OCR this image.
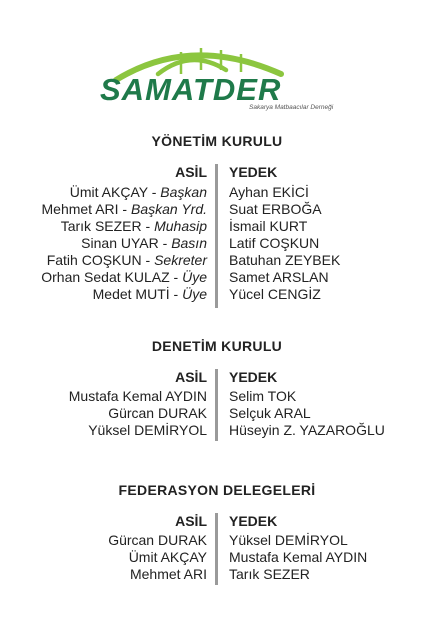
SAMATDER
Sakarya Matbaacılar Derneği
YÖNETİM KURULU
ASİL YEDEK
Ümit AKÇAY - Başkan Ayhan EKİCİ
Mehmet ARI - Başkan Yrd. Suat ERBOĞA
Tarık SEZER - Muhasip İsmail KURT
Sinan UYAR - Basın Latif COŞKUN
Fatih COŞKUN - Sekreter Batuhan ZEYBEK
Orhan Sedat KULAZ - Üye Samet ARSLAN
Medet MUTİ - Üye Yücel CENGİZ
DENETİM KURULU
ASİL YEDEK
Mustafa Kemal AYDIN Selim TOK
Gürcan DURAK Selçuk ARAL
Yüksel DEMİRYOL Hüseyin Z. YAZAROĞLU
FEDERASYON DELEGELERİ
ASİL YEDEK
Gürcan DURAK Yüksel DEMİRYOL
Ümit AKÇAY Mustafa Kemal AYDIN
Mehmet ARI Tarık SEZER
